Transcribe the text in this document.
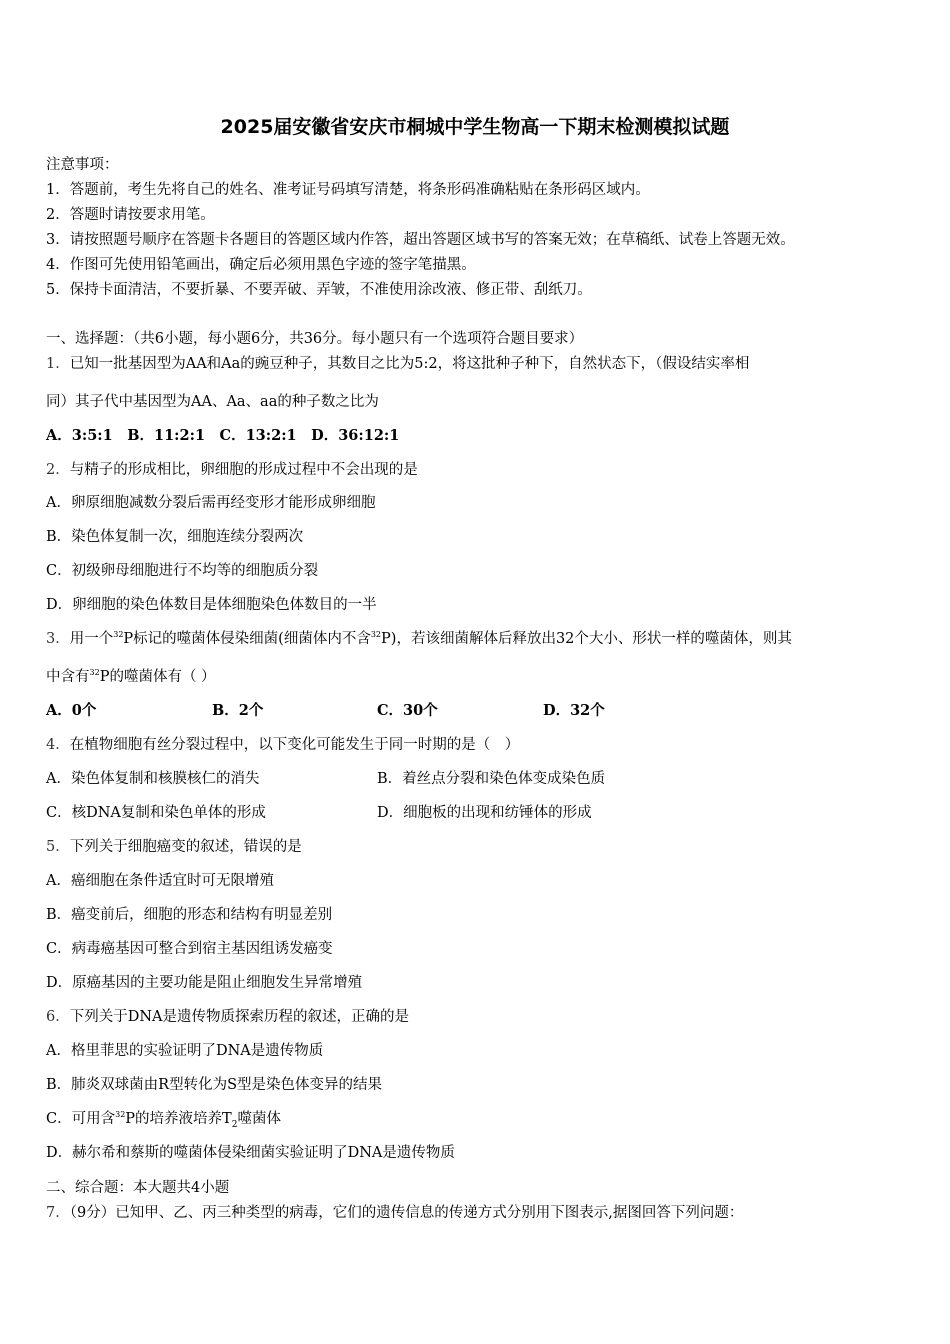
2025届安徽省安庆市桐城中学生物高一下期末检测模拟试题
注意事项：
1．答题前，考生先将自己的姓名、准考证号码填写清楚，将条形码准确粘贴在条形码区域内。
2．答题时请按要求用笔。
3．请按照题号顺序在答题卡各题目的答题区域内作答，超出答题区域书写的答案无效；在草稿纸、试卷上答题无效。
4．作图可先使用铅笔画出，确定后必须用黑色字迹的签字笔描黑。
5．保持卡面清洁，不要折暴、不要弄破、弄皱，不准使用涂改液、修正带、刮纸刀。
一、选择题：（共6小题，每小题6分，共36分。每小题只有一个选项符合题目要求）
1．已知一批基因型为AA和Aa的豌豆种子，其数目之比为5:2，将这批种子种下，自然状态下，（假设结实率相
同）其子代中基因型为AA、Aa、aa的种子数之比为
A．3:5:1　B．11:2:1　C．13:2:1　D．36:12:1
2．与精子的形成相比，卵细胞的形成过程中不会出现的是
A．卵原细胞减数分裂后需再经变形才能形成卵细胞
B．染色体复制一次，细胞连续分裂两次
C．初级卵母细胞进行不均等的细胞质分裂
D．卵细胞的染色体数目是体细胞染色体数目的一半
3．用一个$^{32}$P标记的噬菌体侵染细菌(细菌体内不含$^{32}$P)，若该细菌解体后释放出32个大小、形状一样的噬菌体，则其
中含有$^{32}$P的噬菌体有（ ）
A．0个	B．2个	C．30个	D．32个
4．在植物细胞有丝分裂过程中，以下变化可能发生于同一时期的是（　）
A．染色体复制和核膜核仁的消失	B．着丝点分裂和染色体变成染色质
C．核DNA复制和染色单体的形成	D．细胞板的出现和纺锤体的形成
5．下列关于细胞癌变的叙述，错误的是
A．癌细胞在条件适宜时可无限增殖
B．癌变前后，细胞的形态和结构有明显差别
C．病毒癌基因可整合到宿主基因组诱发癌变
D．原癌基因的主要功能是阻止细胞发生异常增殖
6．下列关于DNA是遗传物质探索历程的叙述，正确的是
A．格里菲思的实验证明了DNA是遗传物质
B．肺炎双球菌由R型转化为S型是染色体变异的结果
C．可用含$^{32}$P的培养液培养$T_2$噬菌体
D．赫尔希和蔡斯的噬菌体侵染细菌实验证明了DNA是遗传物质
二、综合题：本大题共4小题
7．（9分）已知甲、乙、丙三种类型的病毒，它们的遗传信息的传递方式分别用下图表示,据图回答下列问题：
